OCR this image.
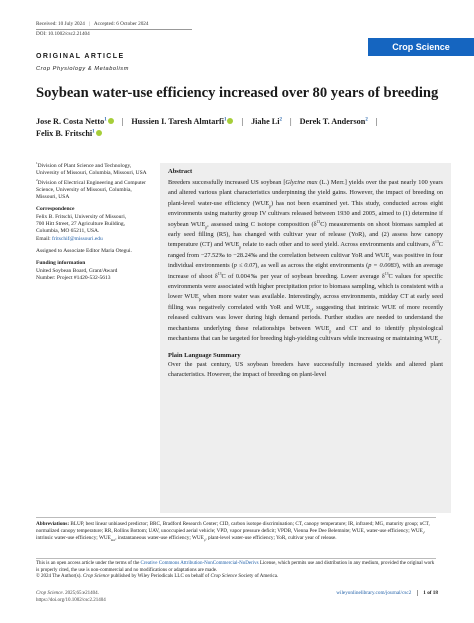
Received: 10 July 2024 | Accepted: 6 October 2024
DOI: 10.1002/csc2.21404
Crop Science
ORIGINAL ARTICLE
Crop Physiology & Metabolism
Soybean water-use efficiency increased over 80 years of breeding
Jose R. Costa Netto$^1$ | Hussien I. Taresh Almtarfi$^1$ | Jiahe Li$^2$ | Derek T. Anderson$^2$ |
Felix B. Fritschi$^1$
$^1$Division of Plant Science and Technology, University of Missouri, Columbia, Missouri, USA
$^2$Division of Electrical Engineering and Computer Science, University of Missouri, Columbia, Missouri, USA
Correspondence
Felix B. Fritschi, University of Missouri,
700 Hitt Street, 27 Agriculture Building,
Columbia, MO 65211, USA.
Email: fritschif@missouri.edu
Assigned to Associate Editor Maria Otegui.
Funding information
United Soybean Board, Grant/Award
Number: Project #1420-532-5613
Abstract

Breeders successfully increased US soybean [Glycine max (L.) Merr.] yields over the past nearly 100 years and altered various plant characteristics underpinning the yield gains. However, the impact of breeding on plant-level water-use efficiency $(WUE_p)$ has not been examined yet. This study, conducted across eight environments using maturity group IV cultivars released between 1930 and 2005, aimed to (1) determine if soybean $WUE_p$, assessed using C isotope composition $(\delta^{13}C)$ measurements on shoot biomass sampled at early seed filling (R5), has changed with cultivar year of release (YoR), and (2) assess how canopy temperature (CT) and $WUE_p$ relate to each other and to seed yield. Across environments and cultivars, $\delta^{13}C$ ranged from −27.52‰ to −28.24‰ and the correlation between cultivar YoR and $WUE_p$ was positive in four individual environments (p ≤ 0.07), as well as across the eight environments (p = 0.0083), with an average increase of shoot $\delta^{13}C$ of 0.004‰ per year of soybean breeding. Lower average $\delta^{13}C$ values for specific environments were associated with higher precipitation prior to biomass sampling, which is consistent with a lower $WUE_p$ when more water was available. Interestingly, across environments, midday CT at early seed filling was negatively correlated with YoR and $WUE_p$, suggesting that intrinsic WUE of more recently released cultivars was lower during high demand periods. Further studies are needed to understand the mechanisms underlying these relationships between $WUE_p$ and CT and to identify physiological mechanisms that can be targeted for breeding high-yielding cultivars while increasing or maintaining $WUE_p$.

Plain Language Summary

Over the past century, US soybean breeders have successfully increased yields and altered plant characteristics. However, the impact of breeding on plant-level

Abbreviations: BLUP, best linear unbiased predictor; BRC, Bradford Research Center; CID, carbon isotope discrimination; CT, canopy temperature; IR, infrared; MG, maturity group; nCT, normalized canopy temperature; RR, Rollins Bottom; UAV, unoccupied aerial vehicle; VPD, vapor pressure deficit; VPDB, Vienna Pee Dee Belemnite; WUE, water-use efficiency; $WUE_i$, intrinsic water-use efficiency; $WUE_{inst}$, instantaneous water-use efficiency; $WUE_p$, plant-level water-use efficiency; YoR, cultivar year of release.
This is an open access article under the terms of the Creative Commons Attribution-NonCommercial-NoDerivs License, which permits use and distribution in any medium, provided the original work is properly cited, the use is non-commercial and no modifications or adaptations are made.
© 2024 The Author(s). Crop Science published by Wiley Periodicals LLC on behalf of Crop Science Society of America.
Crop Science. 2025;65:e21404.
https://doi.org/10.1002/csc2.21404
wileyonlinelibrary.com/journal/csc2 1 of 18
